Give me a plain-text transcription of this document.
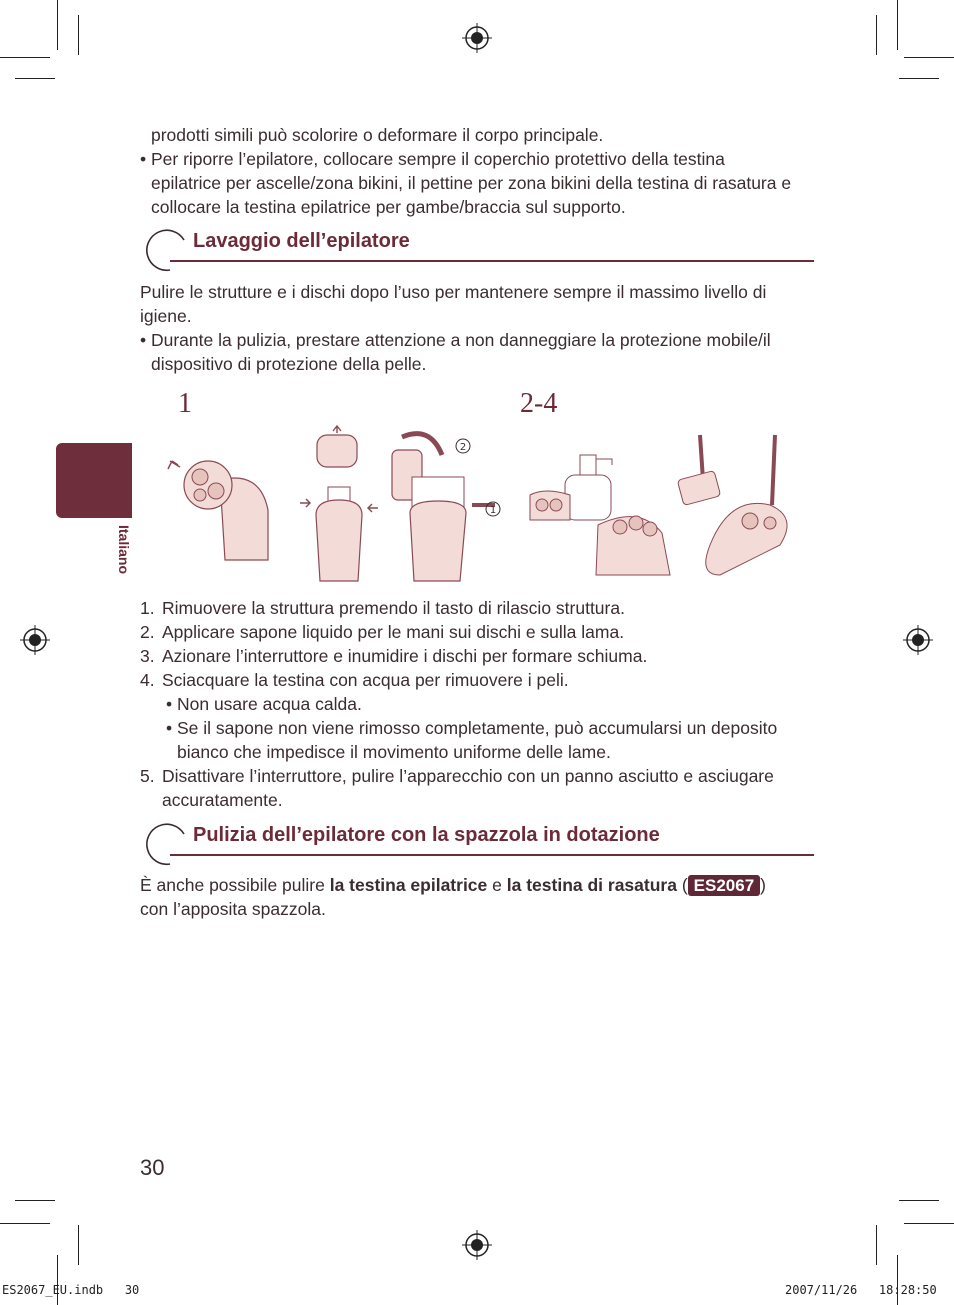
prodotti simili può scolorire o deformare il corpo principale.
• Per riporre l’epilatore, collocare sempre il coperchio protettivo della testina
epilatrice per ascelle/zona bikini, il pettine per zona bikini della testina di rasatura e
collocare la testina epilatrice per gambe/braccia sul supporto.
Lavaggio dell’epilatore
Pulire le strutture e i dischi dopo l’uso per mantenere sempre il massimo livello di
igiene.
• Durante la pulizia, prestare attenzione a non danneggiare la protezione mobile/il
dispositivo di protezione della pelle.
Italiano
1	2-4
2
1
1. Rimuovere la struttura premendo il tasto di rilascio struttura.
2. Applicare sapone liquido per le mani sui dischi e sulla lama.
3. Azionare l’interruttore e inumidire i dischi per formare schiuma.
4. Sciacquare la testina con acqua per rimuovere i peli.
• Non usare acqua calda.
• Se il sapone non viene rimosso completamente, può accumularsi un deposito
bianco che impedisce il movimento uniforme delle lame.
5. Disattivare l’interruttore, pulire l’apparecchio con un panno asciutto e asciugare
accuratamente.
Pulizia dell’epilatore con la spazzola in dotazione
È anche possibile pulire la testina epilatrice e la testina di rasatura ( ES2067 )
con l’apposita spazzola.
30
ES2067_EU.indb   30	2007/11/26   18:28:50
